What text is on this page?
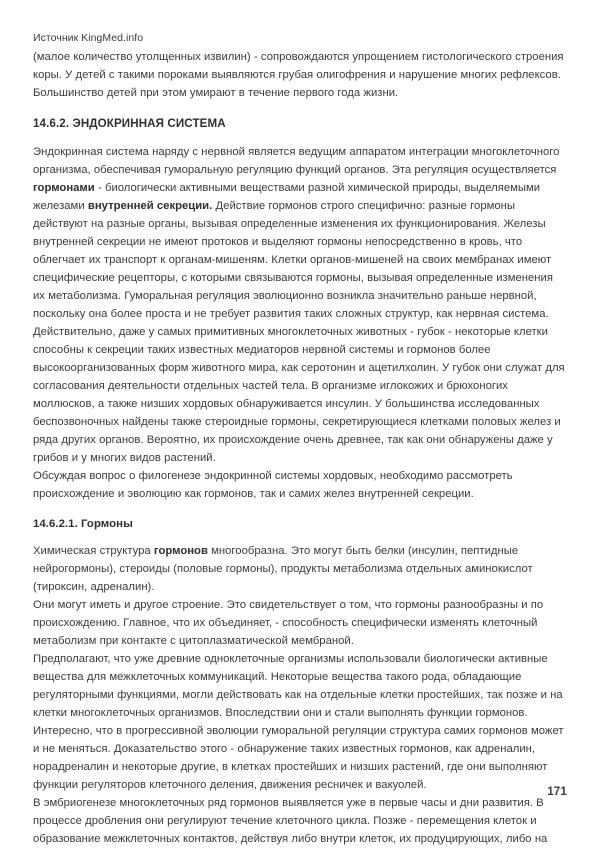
Источник KingMed.info

(малое количество утолщенных извилин) - сопровождаются упрощением гистологического строения коры. У детей с такими пороками выявляются грубая олигофрения и нарушение многих рефлексов. Большинство детей при этом умирают в течение первого года жизни.

14.6.2. ЭНДОКРИННАЯ СИСТЕМА

Эндокринная система наряду с нервной является ведущим аппаратом интеграции многоклеточного организма, обеспечивая гуморальную регуляцию функций органов. Эта регуляция осуществляется гормонами - биологически активными веществами разной химической природы, выделяемыми железами внутренней секреции. Действие гормонов строго специфично: разные гормоны действуют на разные органы, вызывая определенные изменения их функционирования. Железы внутренней секреции не имеют протоков и выделяют гормоны непосредственно в кровь, что облегчает их транспорт к органам-мишеням. Клетки органов-мишеней на своих мембранах имеют специфические рецепторы, с которыми связываются гормоны, вызывая определенные изменения их метаболизма. Гуморальная регуляция эволюционно возникла значительно раньше нервной, поскольку она более проста и не требует развития таких сложных структур, как нервная система. Действительно, даже у самых примитивных многоклеточных животных - губок - некоторые клетки способны к секреции таких известных медиаторов нервной системы и гормонов более высокоорганизованных форм животного мира, как серотонин и ацетилхолин. У губок они служат для согласования деятельности отдельных частей тела. В организме иглокожих и брюхоногих моллюсков, а также низших хордовых обнаруживается инсулин. У большинства исследованных беспозвоночных найдены также стероидные гормоны, секретирующиеся клетками половых желез и ряда других органов. Вероятно, их происхождение очень древнее, так как они обнаружены даже у грибов и у многих видов растений.

Обсуждая вопрос о филогенезе эндокринной системы хордовых, необходимо рассмотреть происхождение и эволюцию как гормонов, так и самих желез внутренней секреции.

14.6.2.1. Гормоны

Химическая структура гормонов многообразна. Это могут быть белки (инсулин, пептидные нейрогормоны), стероиды (половые гормоны), продукты метаболизма отдельных аминокислот (тироксин, адреналин).

Они могут иметь и другое строение. Это свидетельствует о том, что гормоны разнообразны и по происхождению. Главное, что их объединяет, - способность специфически изменять клеточный метаболизм при контакте с цитоплазматической мембраной.

Предполагают, что уже древние одноклеточные организмы использовали биологически активные вещества для межклеточных коммуникаций. Некоторые вещества такого рода, обладающие регуляторными функциями, могли действовать как на отдельные клетки простейших, так позже и на клетки многоклеточных организмов. Впоследствии они и стали выполнять функции гормонов. Интересно, что в прогрессивной эволюции гуморальной регуляции структура самих гормонов может и не меняться. Доказательство этого - обнаружение таких известных гормонов, как адреналин, норадреналин и некоторые другие, в клетках простейших и низших растений, где они выполняют функции регуляторов клеточного деления, движения ресничек и вакуолей.

В эмбриогенезе многоклеточных ряд гормонов выявляется уже в первые часы и дни развития. В процессе дробления они регулируют течение клеточного цикла. Позже - перемещения клеток и образование межклеточных контактов, действуя либо внутри клеток, их продуцирующих, либо на

171
